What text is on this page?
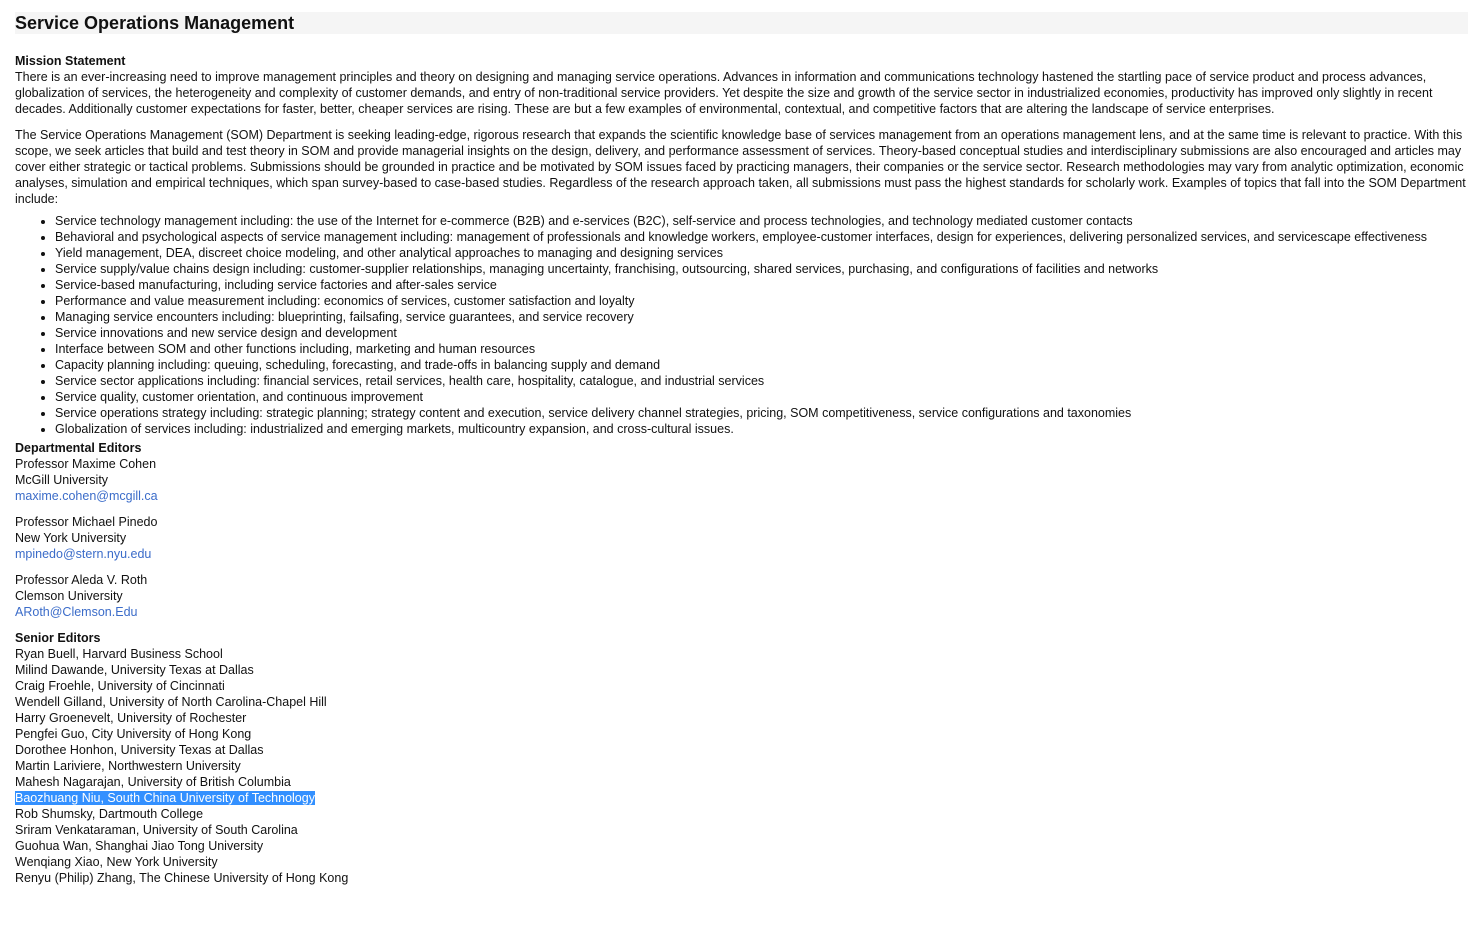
Service Operations Management
Mission Statement

There is an ever-increasing need to improve management principles and theory on designing and managing service operations. Advances in information and communications technology hastened the startling pace of service product and process advances, globalization of services, the heterogeneity and complexity of customer demands, and entry of non-traditional service providers. Yet despite the size and growth of the service sector in industrialized economies, productivity has improved only slightly in recent decades. Additionally customer expectations for faster, better, cheaper services are rising. These are but a few examples of environmental, contextual, and competitive factors that are altering the landscape of service enterprises.

The Service Operations Management (SOM) Department is seeking leading-edge, rigorous research that expands the scientific knowledge base of services management from an operations management lens, and at the same time is relevant to practice. With this scope, we seek articles that build and test theory in SOM and provide managerial insights on the design, delivery, and performance assessment of services. Theory-based conceptual studies and interdisciplinary submissions are also encouraged and articles may cover either strategic or tactical problems. Submissions should be grounded in practice and be motivated by SOM issues faced by practicing managers, their companies or the service sector. Research methodologies may vary from analytic optimization, economic analyses, simulation and empirical techniques, which span survey-based to case-based studies. Regardless of the research approach taken, all submissions must pass the highest standards for scholarly work. Examples of topics that fall into the SOM Department include:

• Service technology management including: the use of the Internet for e-commerce (B2B) and e-services (B2C), self-service and process technologies, and technology mediated customer contacts
• Behavioral and psychological aspects of service management including: management of professionals and knowledge workers, employee-customer interfaces, design for experiences, delivering personalized services, and servicescape effectiveness
• Yield management, DEA, discreet choice modeling, and other analytical approaches to managing and designing services
• Service supply/value chains design including: customer-supplier relationships, managing uncertainty, franchising, outsourcing, shared services, purchasing, and configurations of facilities and networks
• Service-based manufacturing, including service factories and after-sales service
• Performance and value measurement including: economics of services, customer satisfaction and loyalty
• Managing service encounters including: blueprinting, failsafing, service guarantees, and service recovery
• Service innovations and new service design and development
• Interface between SOM and other functions including, marketing and human resources
• Capacity planning including: queuing, scheduling, forecasting, and trade-offs in balancing supply and demand
• Service sector applications including: financial services, retail services, health care, hospitality, catalogue, and industrial services
• Service quality, customer orientation, and continuous improvement
• Service operations strategy including: strategic planning; strategy content and execution, service delivery channel strategies, pricing, SOM competitiveness, service configurations and taxonomies
• Globalization of services including: industrialized and emerging markets, multicountry expansion, and cross-cultural issues.
Departmental Editors
Professor Maxime Cohen
McGill University
maxime.cohen@mcgill.ca
Professor Michael Pinedo
New York University
mpinedo@stern.nyu.edu
Professor Aleda V. Roth
Clemson University
ARoth@Clemson.Edu
Senior Editors
Ryan Buell, Harvard Business School
Milind Dawande, University Texas at Dallas
Craig Froehle, University of Cincinnati
Wendell Gilland, University of North Carolina-Chapel Hill
Harry Groenevelt, University of Rochester
Pengfei Guo, City University of Hong Kong
Dorothee Honhon, University Texas at Dallas
Martin Lariviere, Northwestern University
Mahesh Nagarajan, University of British Columbia
Baozhuang Niu, South China University of Technology
Rob Shumsky, Dartmouth College
Sriram Venkataraman, University of South Carolina
Guohua Wan, Shanghai Jiao Tong University
Wenqiang Xiao, New York University
Renyu (Philip) Zhang, The Chinese University of Hong Kong
